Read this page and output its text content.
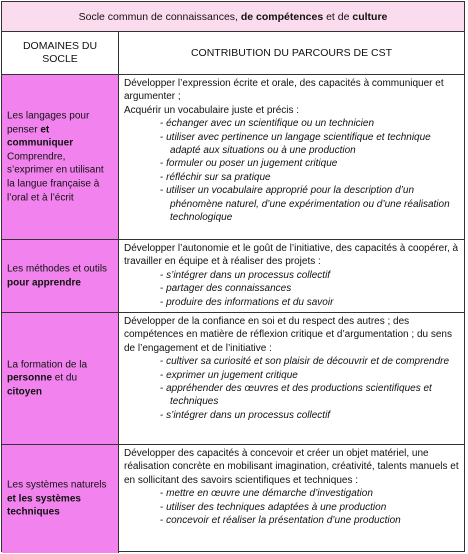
Socle commun de connaissances, de compétences et de culture
DOMAINES DU SOCLE
CONTRIBUTION DU PARCOURS DE CST
Les langages pour penser et communiquer Comprendre, s’exprimer en utilisant la langue française à l’oral et à l’écrit

Développer l’expression écrite et orale, des capacités à communiquer et argumenter ;

Acquérir un vocabulaire juste et précis :

- échanger avec un scientifique ou un technicien
- utiliser avec pertinence un langage scientifique et technique adapté aux situations ou à une production
- formuler ou poser un jugement critique
- réfléchir sur sa pratique
- utiliser un vocabulaire approprié pour la description d’un phénomène naturel, d’une expérimentation ou d’une réalisation technologique
Les méthodes et outils pour apprendre

Développer l’autonomie et le goût de l’initiative, des capacités à coopérer, à travailler en équipe et à réaliser des projets :

- s’intégrer dans un processus collectif
- partager des connaissances
- produire des informations et du savoir
La formation de la personne et du citoyen

Développer de la confiance en soi et du respect des autres ; des compétences en matière de réflexion critique et d’argumentation ; du sens de l’engagement et de l’initiative :

- cultiver sa curiosité et son plaisir de découvrir et de comprendre
- exprimer un jugement critique
- appréhender des œuvres et des productions scientifiques et techniques
- s’intégrer dans un processus collectif
Les systèmes naturels et les systèmes techniques

Développer des capacités à concevoir et créer un objet matériel, une réalisation concrète en mobilisant imagination, créativité, talents manuels et en sollicitant des savoirs scientifiques et techniques :

- mettre en œuvre une démarche d’investigation
- utiliser des techniques adaptées à une production
- concevoir et réaliser la présentation d’une production
